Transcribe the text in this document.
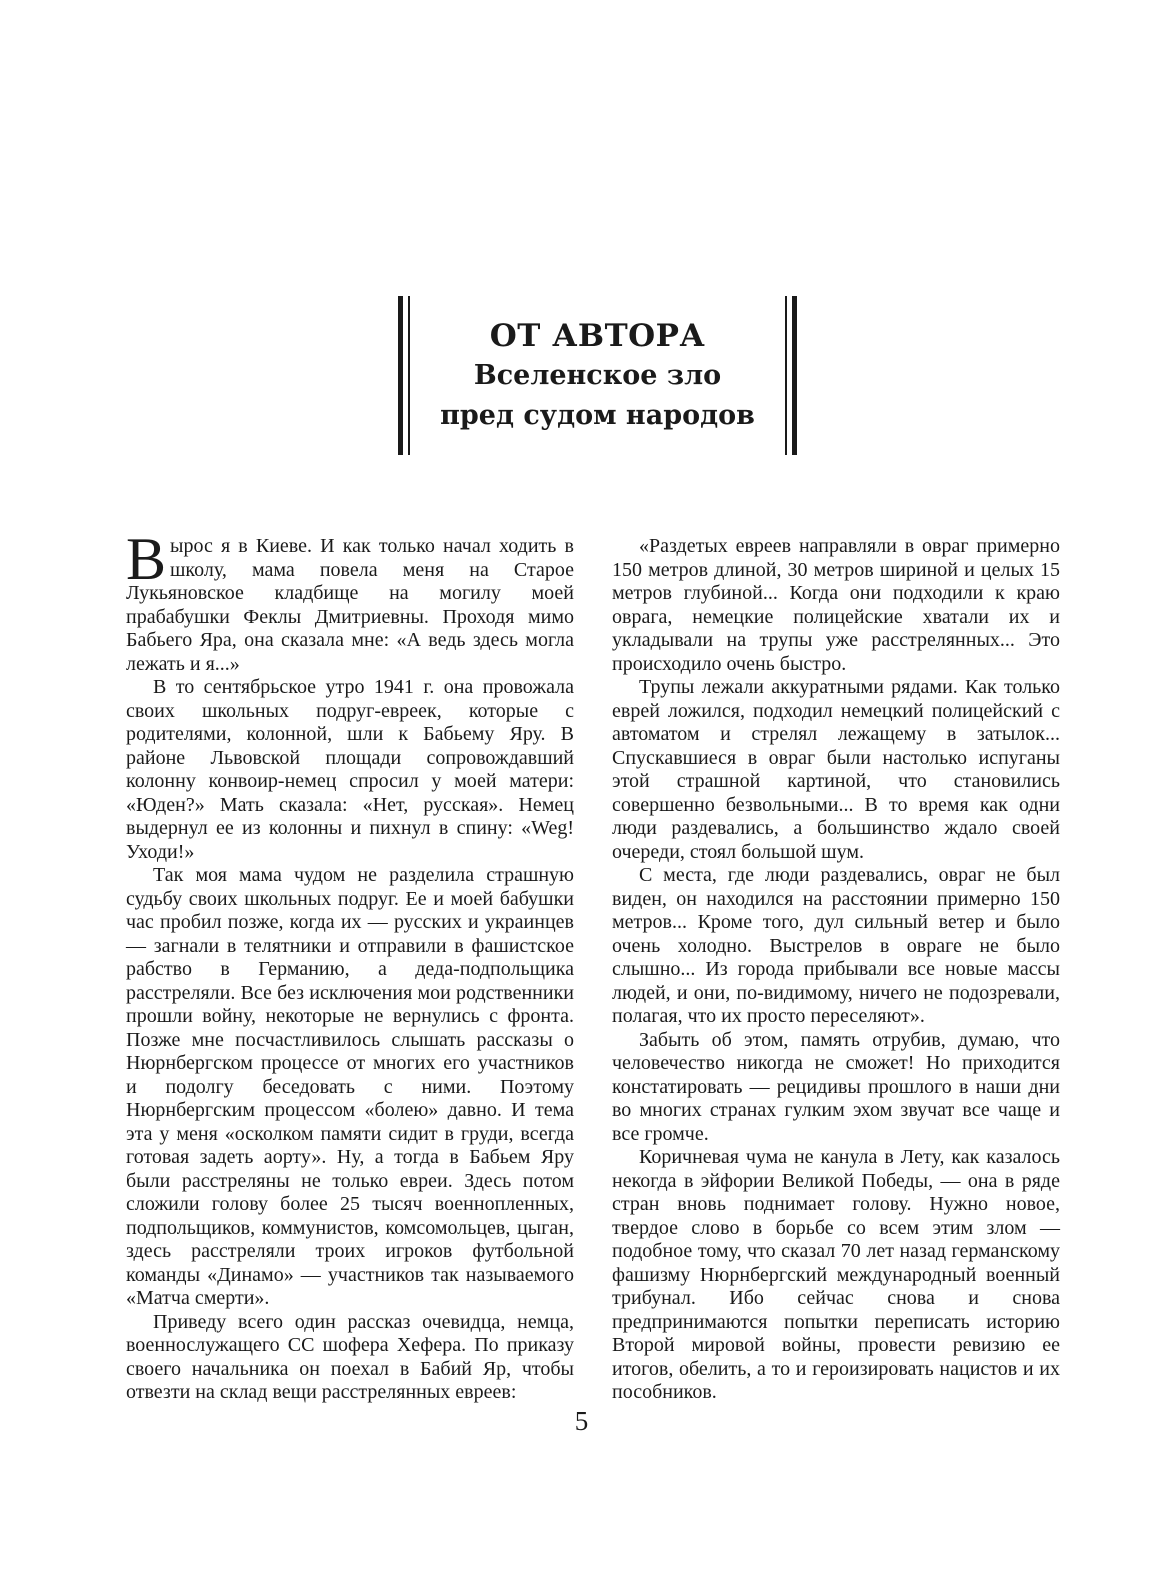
ОТ АВТОРА
Вселенское зло
пред судом народов

Вырос я в Киеве. И как только начал ходить в школу, мама повела меня на Старое Лукьяновское кладбище на могилу моей прабабушки Феклы Дмитриевны. Проходя мимо Бабьего Яра, она сказала мне: «А ведь здесь могла лежать и я...»

В то сентябрьское утро 1941 г. она провожала своих школьных подруг-евреек, которые с родителями, колонной, шли к Бабьему Яру. В районе Львовской площади сопровождавший колонну конвоир-немец спросил у моей матери: «Юден?» Мать сказала: «Нет, русская». Немец выдернул ее из колонны и пихнул в спину: «Weg! Уходи!»

Так моя мама чудом не разделила страшную судьбу своих школьных подруг. Ее и моей бабушки час пробил позже, когда их — русских и украинцев — загнали в телятники и отправили в фашистское рабство в Германию, а деда-подпольщика расстреляли. Все без исключения мои родственники прошли войну, некоторые не вернулись с фронта. Позже мне посчастливилось слышать рассказы о Нюрнбергском процессе от многих его участников и подолгу беседовать с ними. Поэтому Нюрнбергским процессом «болею» давно. И тема эта у меня «осколком памяти сидит в груди, всегда готовая задеть аорту». Ну, а тогда в Бабьем Яру были расстреляны не только евреи. Здесь потом сложили голову более 25 тысяч военнопленных, подпольщиков, коммунистов, комсомольцев, цыган, здесь расстреляли троих игроков футбольной команды «Динамо» — участников так называемого «Матча смерти».

Приведу всего один рассказ очевидца, немца, военнослужащего СС шофера Хефера. По приказу своего начальника он поехал в Бабий Яр, чтобы отвезти на склад вещи расстрелянных евреев:

«Раздетых евреев направляли в овраг примерно 150 метров длиной, 30 метров шириной и целых 15 метров глубиной... Когда они подходили к краю оврага, немецкие полицейские хватали их и укладывали на трупы уже расстрелянных... Это происходило очень быстро.

Трупы лежали аккуратными рядами. Как только еврей ложился, подходил немецкий полицейский с автоматом и стрелял лежащему в затылок... Спускавшиеся в овраг были настолько испуганы этой страшной картиной, что становились совершенно безвольными... В то время как одни люди раздевались, а большинство ждало своей очереди, стоял большой шум.

С места, где люди раздевались, овраг не был виден, он находился на расстоянии примерно 150 метров... Кроме того, дул сильный ветер и было очень холодно. Выстрелов в овраге не было слышно... Из города прибывали все новые массы людей, и они, по-видимому, ничего не подозревали, полагая, что их просто переселяют».

Забыть об этом, память отрубив, думаю, что человечество никогда не сможет! Но приходится констатировать — рецидивы прошлого в наши дни во многих странах гулким эхом звучат все чаще и все громче.

Коричневая чума не канула в Лету, как казалось некогда в эйфории Великой Победы, — она в ряде стран вновь поднимает голову. Нужно новое, твердое слово в борьбе со всем этим злом — подобное тому, что сказал 70 лет назад германскому фашизму Нюрнбергский международный военный трибунал. Ибо сейчас снова и снова предпринимаются попытки переписать историю Второй мировой войны, провести ревизию ее итогов, обелить, а то и героизировать нацистов и их пособников.

5
